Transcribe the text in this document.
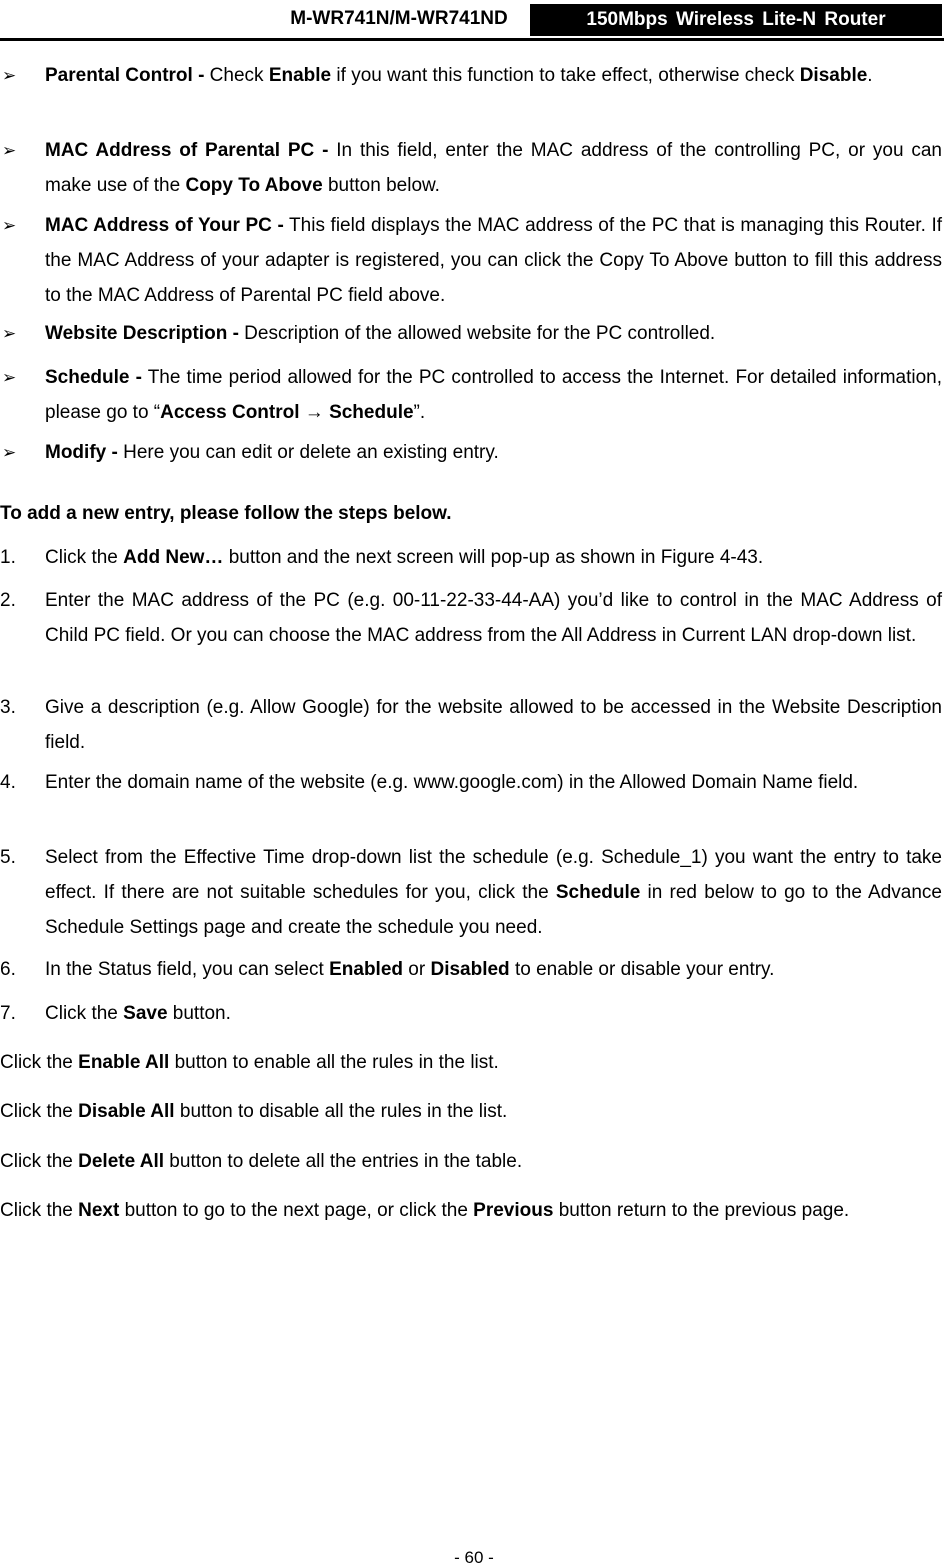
M-WR741N/M-WR741ND	150Mbps Wireless Lite-N Router
➢	Parental Control - Check Enable if you want this function to take effect, otherwise check Disable.
➢	MAC Address of Parental PC - In this field, enter the MAC address of the controlling PC, or you can make use of the Copy To Above button below.
➢	MAC Address of Your PC - This field displays the MAC address of the PC that is managing this Router. If the MAC Address of your adapter is registered, you can click the Copy To Above button to fill this address to the MAC Address of Parental PC field above.
➢	Website Description - Description of the allowed website for the PC controlled.
➢	Schedule - The time period allowed for the PC controlled to access the Internet. For detailed information, please go to “Access Control → Schedule”.
➢	Modify - Here you can edit or delete an existing entry.
To add a new entry, please follow the steps below.
1. Click the Add New… button and the next screen will pop-up as shown in Figure 4-43.
2. Enter the MAC address of the PC (e.g. 00-11-22-33-44-AA) you’d like to control in the MAC Address of Child PC field. Or you can choose the MAC address from the All Address in Current LAN drop-down list.
3. Give a description (e.g. Allow Google) for the website allowed to be accessed in the Website Description field.
4. Enter the domain name of the website (e.g. www.google.com) in the Allowed Domain Name field.
5. Select from the Effective Time drop-down list the schedule (e.g. Schedule_1) you want the entry to take effect. If there are not suitable schedules for you, click the Schedule in red below to go to the Advance Schedule Settings page and create the schedule you need.
6. In the Status field, you can select Enabled or Disabled to enable or disable your entry.
7. Click the Save button.
Click the Enable All button to enable all the rules in the list.
Click the Disable All button to disable all the rules in the list.
Click the Delete All button to delete all the entries in the table.
Click the Next button to go to the next page, or click the Previous button return to the previous page.
- 60 -
